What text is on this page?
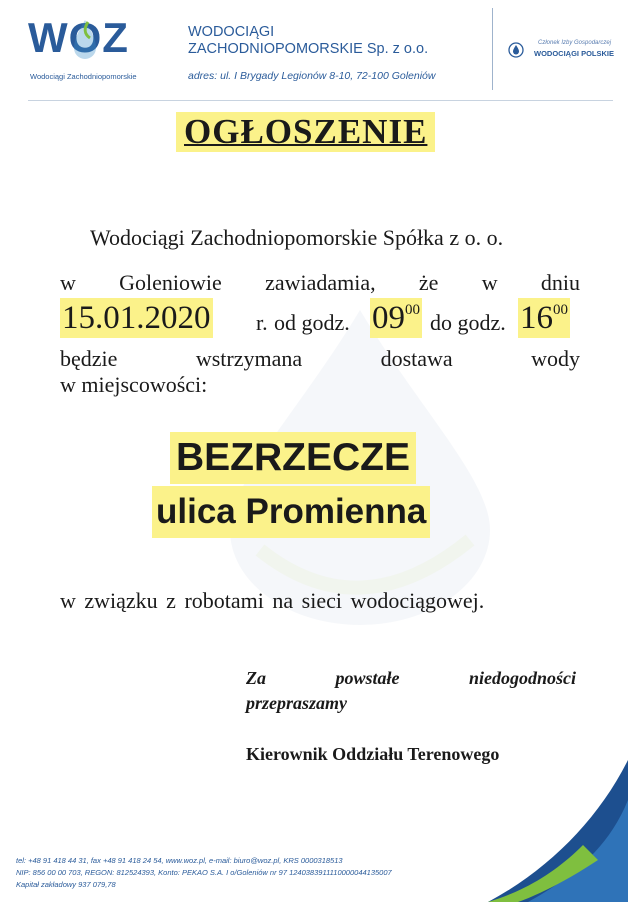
WOZ
Wodociągi Zachodniopomorskie
WODOCIĄGI
ZACHODNIOPOMORSKIE Sp. z o.o.
adres: ul. I Brygady Legionów 8-10, 72-100 Goleniów
Członek Izby Gospodarczej
WODOCIĄGI POLSKIE
OGŁOSZENIE
Wodociągi Zachodniopomorskie Spółka z o. o.
w Goleniowie zawiadamia, że w dniu
15.01.2020 r. od godz. $09^{00}$ do godz. $16^{00}$
będzie	wstrzymana	dostawa	wody
w miejscowości:
BEZRZECZE
ulica Promienna
w związku z robotami na sieci wodociągowej.
Za	powstałe	niedogodności
przepraszamy
Kierownik Oddziału Terenowego
tel: +48 91 418 44 31, fax +48 91 418 24 54, www.woz.pl, e-mail: biuro@woz.pl, KRS 0000318513
NIP: 856 00 00 703, REGON: 812524393, Konto: PEKAO S.A. I o/Goleniów nr 97 1240383911110000044135007
Kapitał zakładowy 937 079,78
